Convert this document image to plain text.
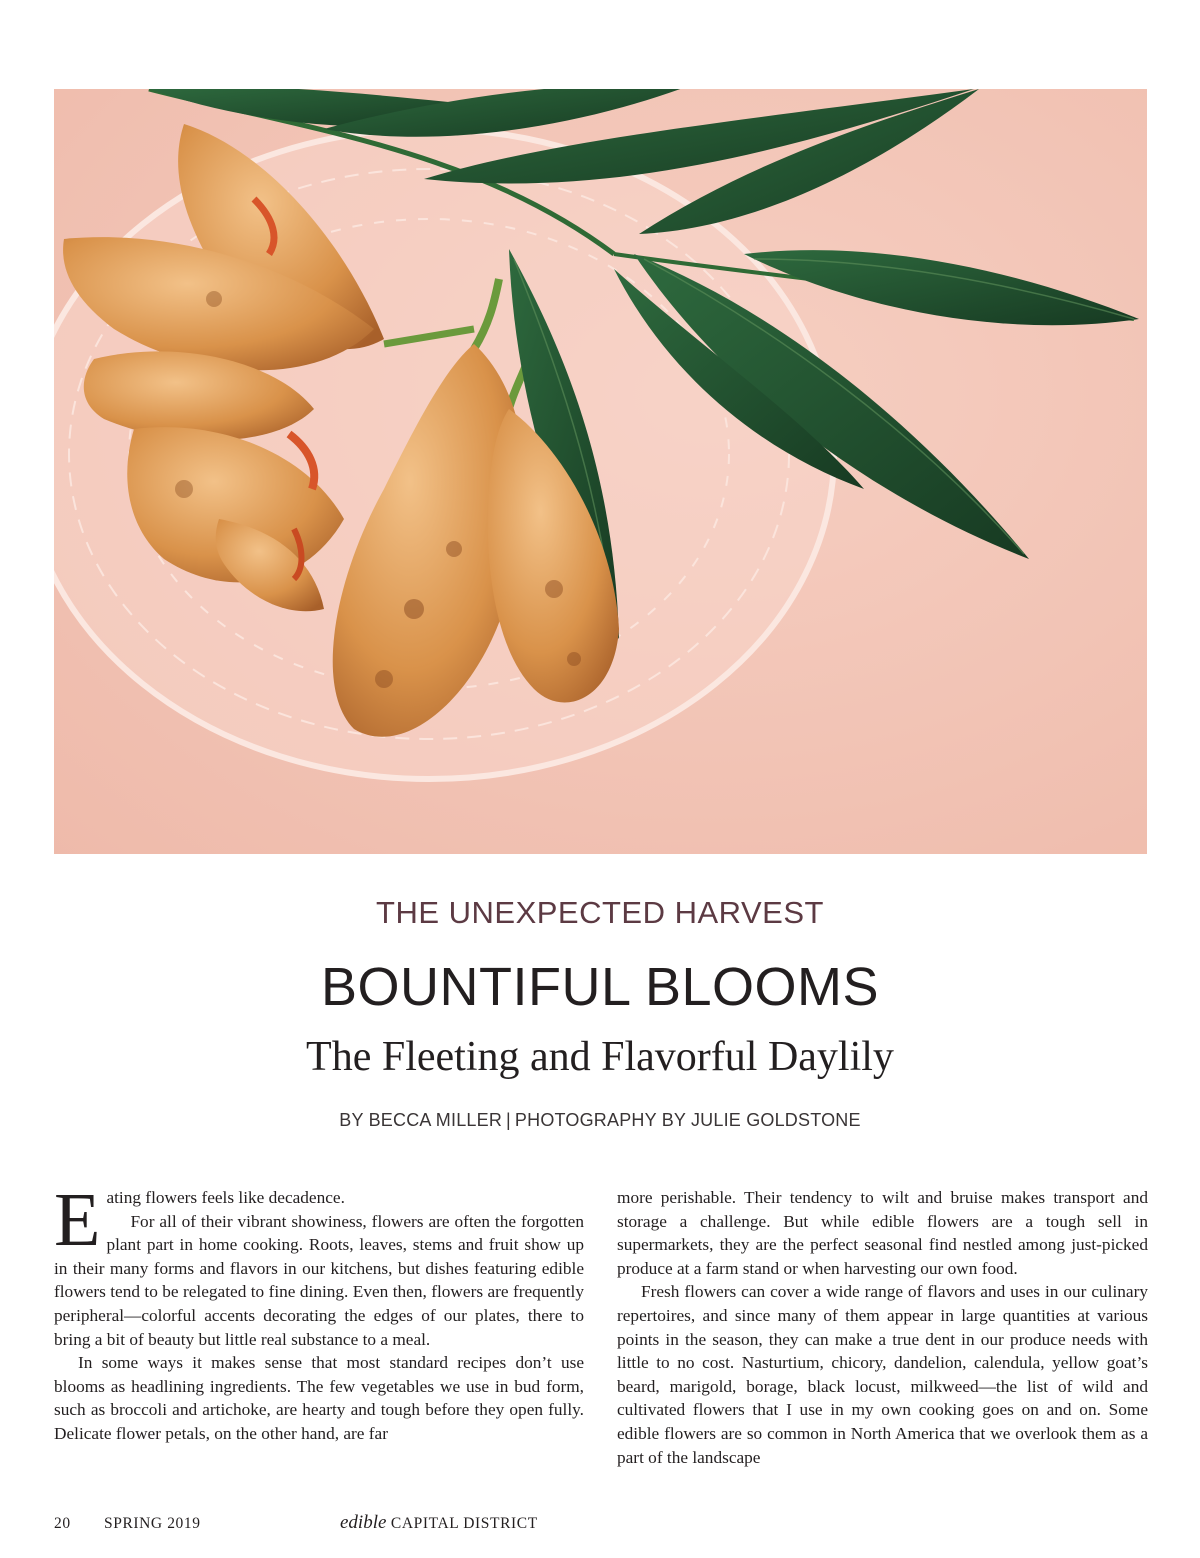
THE UNEXPECTED HARVEST
BOUNTIFUL BLOOMS
The Fleeting and Flavorful Daylily
BY BECCA MILLER | PHOTOGRAPHY BY JULIE GOLDSTONE
E ating flowers feels like decadence.

For all of their vibrant showiness, flowers are often the forgotten plant part in home cooking. Roots, leaves, stems and fruit show up in their many forms and flavors in our kitchens, but dishes featuring edible flowers tend to be relegated to fine dining. Even then, flowers are frequently peripheral—colorful accents decorating the edges of our plates, there to bring a bit of beauty but little real substance to a meal.

In some ways it makes sense that most standard recipes don’t use blooms as headlining ingredients. The few vegetables we use in bud form, such as broccoli and artichoke, are hearty and tough before they open fully. Delicate flower petals, on the other hand, are far

more perishable. Their tendency to wilt and bruise makes transport and storage a challenge. But while edible flowers are a tough sell in supermarkets, they are the perfect seasonal find nestled among just-picked produce at a farm stand or when harvesting our own food.

Fresh flowers can cover a wide range of flavors and uses in our culinary repertoires, and since many of them appear in large quantities at various points in the season, they can make a true dent in our produce needs with little to no cost. Nasturtium, chicory, dandelion, calendula, yellow goat’s beard, marigold, borage, black locust, milkweed—the list of wild and cultivated flowers that I use in my own cooking goes on and on. Some edible flowers are so common in North America that we overlook them as a part of the landscape

20 SPRING 2019	edible CAPITAL DISTRICT
